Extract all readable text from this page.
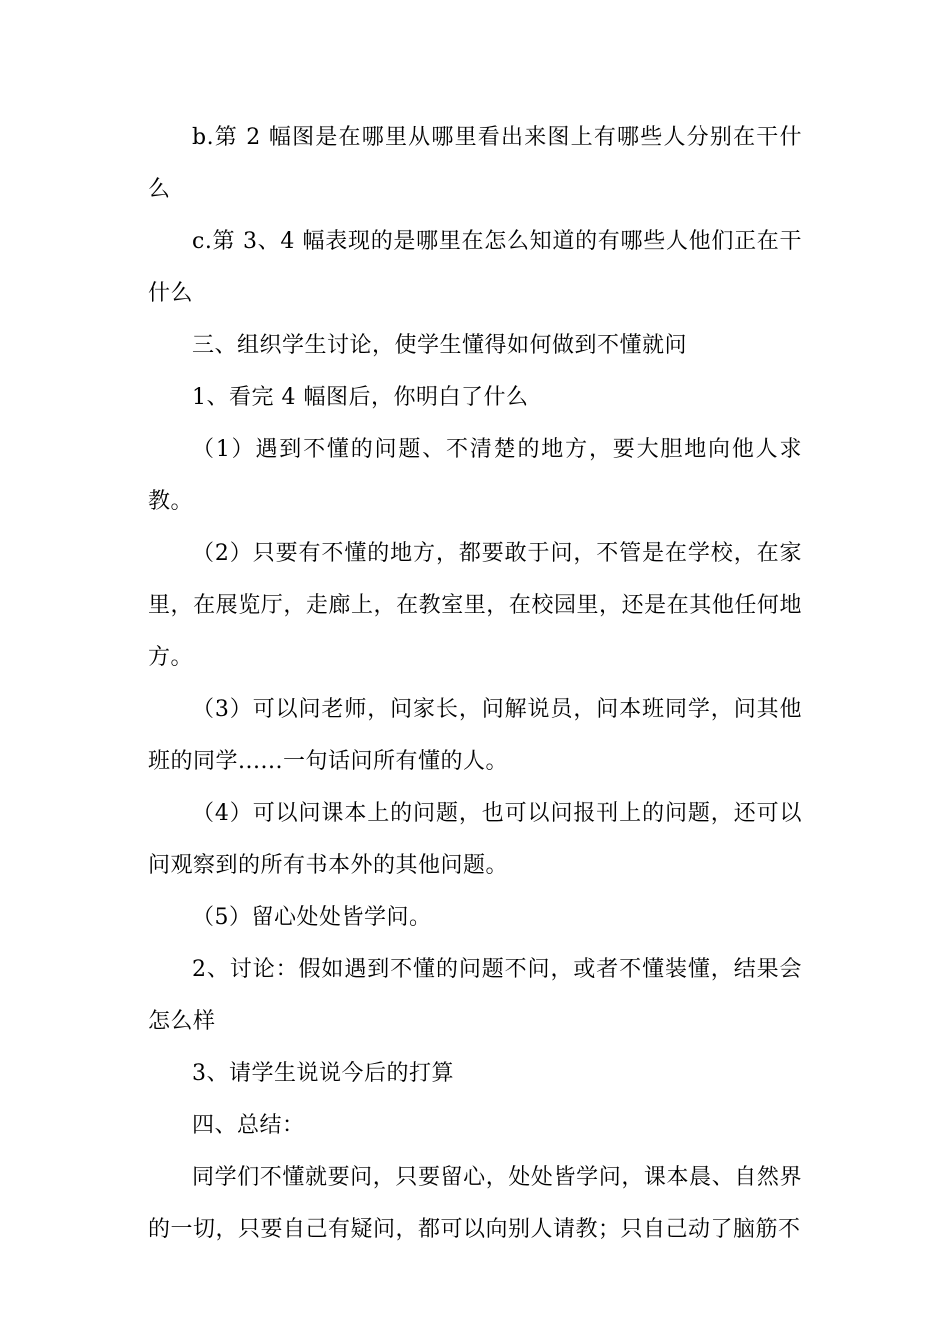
b.第 2 幅图是在哪里从哪里看出来图上有哪些人分别在干什么

c.第 3、4 幅表现的是哪里在怎么知道的有哪些人他们正在干什么

三、组织学生讨论，使学生懂得如何做到不懂就问

1、看完 4 幅图后，你明白了什么

（1）遇到不懂的问题、不清楚的地方，要大胆地向他人求教。

（2）只要有不懂的地方，都要敢于问，不管是在学校，在家里，在展览厅，走廊上，在教室里，在校园里，还是在其他任何地方。

（3）可以问老师，问家长，问解说员，问本班同学，问其他班的同学......一句话问所有懂的人。

（4）可以问课本上的问题，也可以问报刊上的问题，还可以问观察到的所有书本外的其他问题。

（5）留心处处皆学问。

2、讨论：假如遇到不懂的问题不问，或者不懂装懂，结果会怎么样

3、请学生说说今后的打算

四、总结：

同学们不懂就要问，只要留心，处处皆学问，课本晨、自然界的一切，只要自己有疑问，都可以向别人请教；只自己动了脑筋不
